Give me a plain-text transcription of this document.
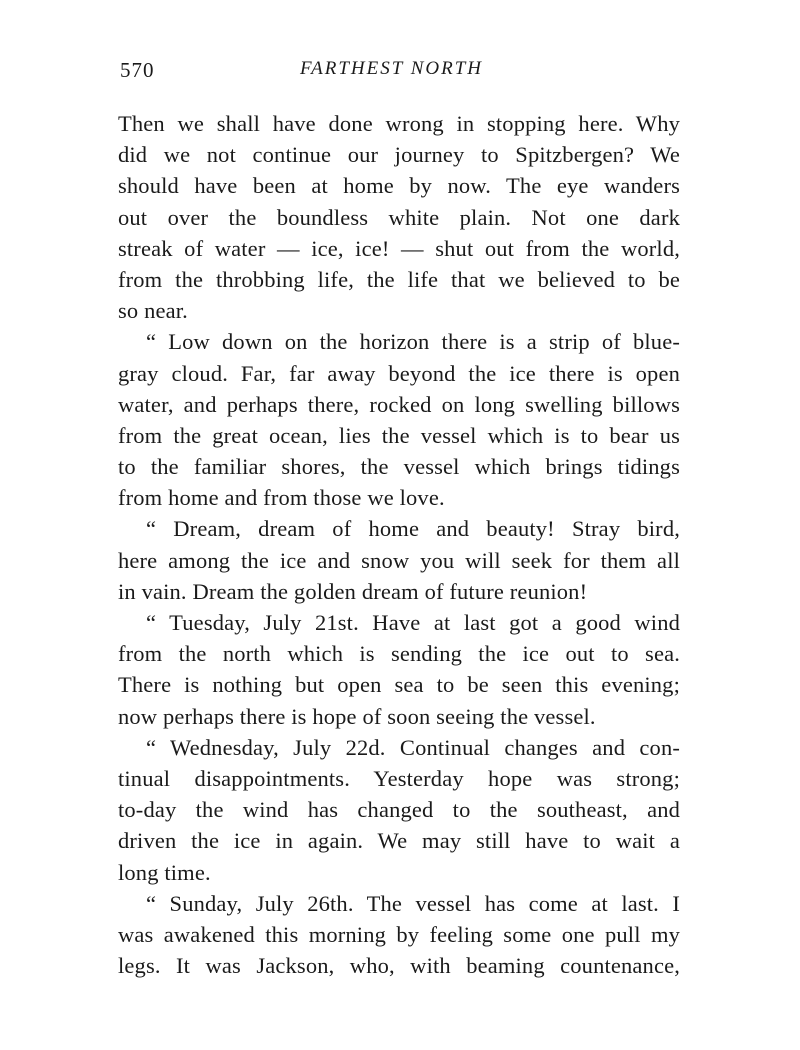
570	FARTHEST NORTH
Then we shall have done wrong in stopping here. Why
did we not continue our journey to Spitzbergen? We
should have been at home by now. The eye wanders
out over the boundless white plain. Not one dark
streak of water — ice, ice! — shut out from the world,
from the throbbing life, the life that we believed to be
so near.
“ Low down on the horizon there is a strip of blue-
gray cloud. Far, far away beyond the ice there is open
water, and perhaps there, rocked on long swelling billows
from the great ocean, lies the vessel which is to bear us
to the familiar shores, the vessel which brings tidings
from home and from those we love.
“ Dream, dream of home and beauty! Stray bird,
here among the ice and snow you will seek for them all
in vain. Dream the golden dream of future reunion!
“ Tuesday, July 21st. Have at last got a good wind
from the north which is sending the ice out to sea.
There is nothing but open sea to be seen this evening;
now perhaps there is hope of soon seeing the vessel.
“ Wednesday, July 22d. Continual changes and con-
tinual disappointments. Yesterday hope was strong;
to-day the wind has changed to the southeast, and
driven the ice in again. We may still have to wait a
long time.
“ Sunday, July 26th. The vessel has come at last. I
was awakened this morning by feeling some one pull my
legs. It was Jackson, who, with beaming countenance,
